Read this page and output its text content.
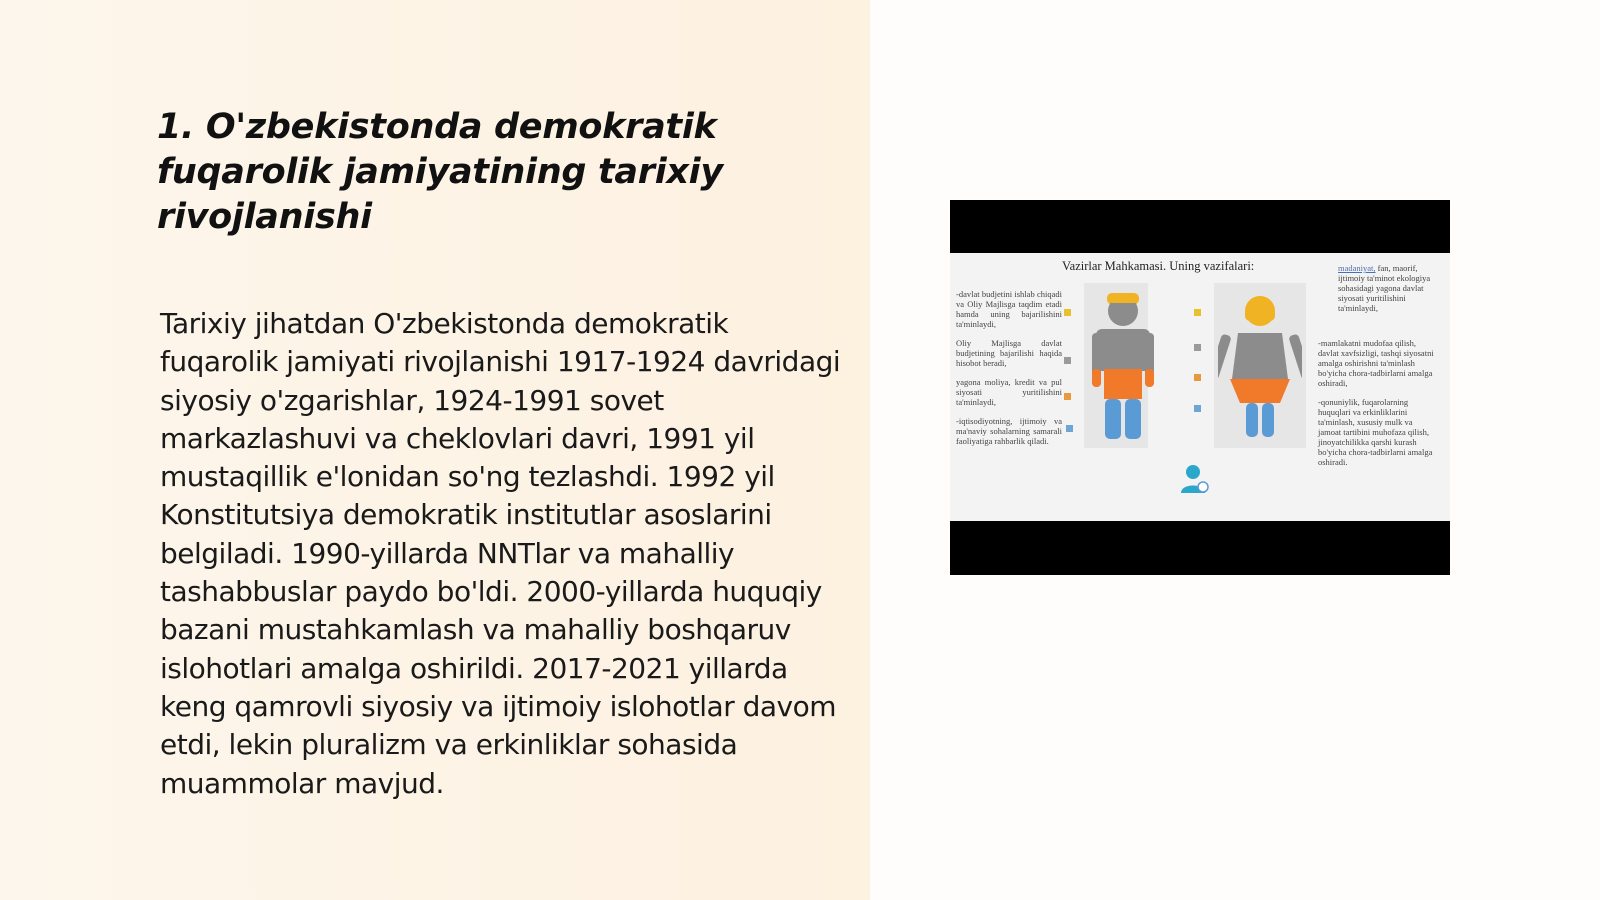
1. O'zbekistonda demokratik fuqarolik jamiyatining tarixiy rivojlanishi

Tarixiy jihatdan O'zbekistonda demokratik fuqarolik jamiyati rivojlanishi 1917-1924 davridagi siyosiy o'zgarishlar, 1924-1991 sovet markazlashuvi va cheklovlari davri, 1991 yil mustaqillik e'lonidan so'ng tezlashdi. 1992 yil Konstitutsiya demokratik institutlar asoslarini belgiladi. 1990-yillarda NNTlar va mahalliy tashabbuslar paydo bo'ldi. 2000-yillarda huquqiy bazani mustahkamlash va mahalliy boshqaruv islohotlari amalga oshirildi. 2017-2021 yillarda keng qamrovli siyosiy va ijtimoiy islohotlar davom etdi, lekin pluralizm va erkinliklar sohasida muammolar mavjud.

Vazirlar Mahkamasi. Uning vazifalari:

-davlat budjetini ishlab chiqadi va Oliy Majlisga taqdim etadi hamda uning bajarilishini ta'minlaydi,

Oliy Majlisga davlat budjetining bajarilishi haqida hisobot beradi,

yagona moliya, kredit va pul siyosati yuritilishini ta'minlaydi,

-iqtisodiyotning, ijtimoiy va ma'naviy sohalarning samarali faoliyatiga rahbarlik qiladi.

madaniyat, fan, maorif, ijtimoiy ta'minot ekologiya sohasidagi yagona davlat siyosati yuritilishini ta'minlaydi,

-mamlakatni mudofaa qilish, davlat xavfsizligi, tashqi siyosatni amalga oshirishni ta'minlash bo'yicha chora-tadbirlarni amalga oshiradi,

-qonuniylik, fuqarolarning huquqlari va erkinliklarini ta'minlash, xususiy mulk va jamoat tartibini muhofaza qilish, jinoyatchilikka qarshi kurash bo'yicha chora-tadbirlarni amalga oshiradi.
